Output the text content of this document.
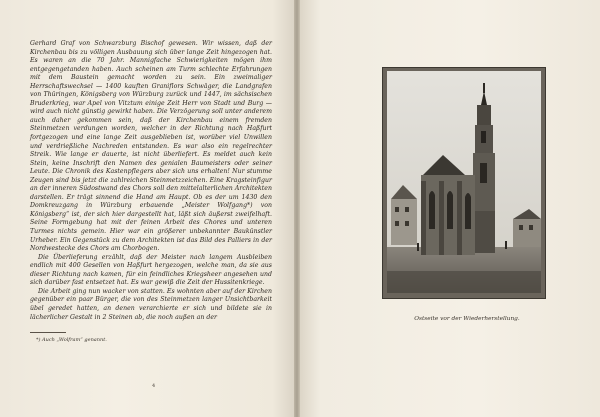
Gerhard Graf von Schwarzburg Bischof gewesen. Wir wissen, daß der Kirchenbau bis zu völligen Ausbauung sich über lange Zeit hingezogen hat. Es waren an die 70 Jahr. Mannigfache Schwierigkeiten mögen ihm entgegengetanden haben. Auch scheinen am Turm schlechte Erfahrungen mit dem Baustein gemacht worden zu sein. Ein zweimaliger Herrschaftswechsel — 1400 kauften Graniflors Schwäger, die Landgrafen von Thüringen, Königsberg von Würzburg zurück und 1447, im sächsischen Bruderkrieg, war Apel von Vitztum einige Zeit Herr von Stadt und Burg — wird auch nicht günstig gewirkt haben. Die Verzögerung soll unter anderem auch daher gekommen sein, daß der Kirchenbau einem fremden Steinmetzen verdungen worden, welcher in der Richtung nach Haßfurt fortgezogen und eine lange Zeit ausgeblieben ist, worüber viel Unwillen und verdrießliche Nachreden entstanden. Es war also ein regelrechter Streik. Wie lange er dauerte, ist nicht überliefert. Es meldet auch kein Stein, keine Inschrift den Namen des genialen Baumeisters oder seiner Leute. Die Chronik des Kastenpflegers aber sich uns erhalten! Nur stumme Zeugen sind bis jetzt die zahlreichen Steinmetzzeichen. Eine Kragsteinfigur an der inneren Südostwand des Chors soll den mittelalterlichen Architekten darstellen. Er trägt sinnend die Hand am Haupt. Ob es der um 1430 den Domkreuzgang in Würzburg erbauende „Meister Wolfgang*) von Königsberg“ ist, der sich hier dargestellt hat, läßt sich äußerst zweifelhaft. Seine Formgebung hat mit der feinen Arbeit des Chores und unteren Turmes nichts gemein. Hier war ein größerer unbekannter Baukünstler Urheber. Ein Gegenstück zu dem Architekten ist das Bild des Palliers in der Nordwestecke des Chors am Chorbogen.

Die Überlieferung erzählt, daß der Meister nach langem Ausbleiben endlich mit 400 Gesellen von Haßfurt hergezogen, welche man, da sie aus dieser Richtung nach kamen, für ein feindliches Kriegsheer angesehen und sich darüber fast entsetzet hat. Es war gewiß die Zeit der Hussitenkriege.

Die Arbeit ging nun wacker von statten. Es wohnten aber auf der Kirchen gegenüber ein paar Bürger, die von des Steinmetzen langer Unsichtbarkeit übel geredet hatten, an denen verarchierte er sich und bildete sie in lächerlicher Gestalt in 2 Steinen ab, die noch außen an der

*) Auch „Wolfram“ genannt.
4
Ostseite vor der Wiederherstellung.
